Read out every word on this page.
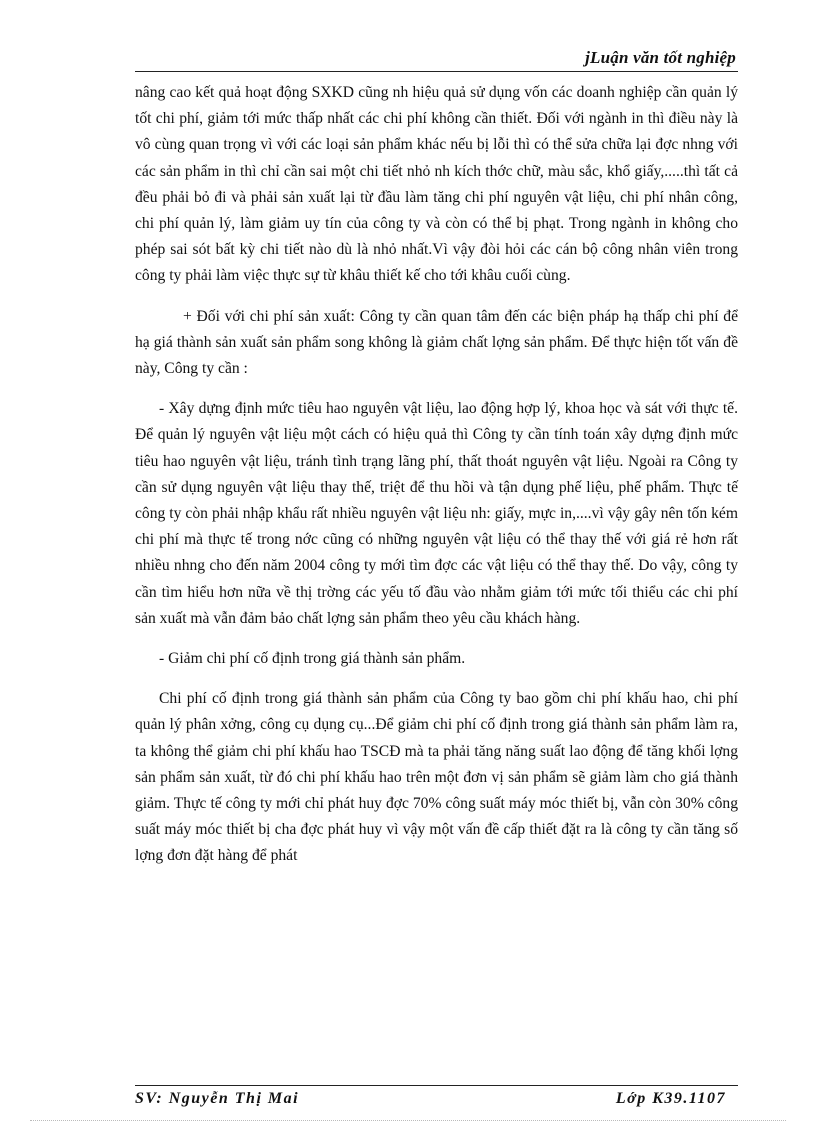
jLuận văn tốt nghiệp

nâng cao kết quả hoạt động SXKD cũng nh hiệu quả sử dụng vốn các doanh nghiệp cần quản lý tốt chi phí, giảm tới mức thấp nhất các chi phí không cần thiết. Đối với ngành in thì điều này là vô cùng quan trọng vì với các loại sản phẩm khác nếu bị lỗi thì có thể sửa chữa lại đợc nhng với các sản phẩm in thì chỉ cần sai một chi tiết nhỏ nh kích thớc chữ, màu sắc, khổ giấy,.....thì tất cả đều phải bỏ đi và phải sản xuất lại từ đầu làm tăng chi phí nguyên vật liệu, chi phí nhân công, chi phí quản lý, làm giảm uy tín của công ty và còn có thể bị phạt. Trong ngành in không cho phép sai sót bất kỳ chi tiết nào dù là nhỏ nhất.Vì vậy đòi hỏi các cán bộ công nhân viên trong công ty phải làm việc thực sự từ khâu thiết kế cho tới khâu cuối cùng.

+ Đối với chi phí sản xuất: Công ty cần quan tâm đến các biện pháp hạ thấp chi phí để hạ giá thành sản xuất sản phẩm song không là giảm chất lợng sản phẩm. Để thực hiện tốt vấn đề này, Công ty cần :

- Xây dựng định mức tiêu hao nguyên vật liệu, lao động hợp lý, khoa học và sát với thực tế. Để quản lý nguyên vật liệu một cách có hiệu quả thì Công ty cần tính toán xây dựng định mức tiêu hao nguyên vật liệu, tránh tình trạng lãng phí, thất thoát nguyên vật liệu. Ngoài ra Công ty cần sử dụng nguyên vật liệu thay thế, triệt để thu hồi và tận dụng phế liệu, phế phẩm. Thực tế công ty còn phải nhập khẩu rất nhiều nguyên vật liệu nh: giấy, mực in,....vì vậy gây nên tốn kém chi phí mà thực tế trong nớc cũng có những nguyên vật liệu có thể thay thế với giá rẻ hơn rất nhiều nhng cho đến năm 2004 công ty mới tìm đợc các vật liệu có thể thay thế. Do vậy, công ty cần tìm hiểu hơn nữa về thị trờng các yếu tố đầu vào nhằm giảm tới mức tối thiểu các chi phí sản xuất mà vẫn đảm bảo chất lợng sản phẩm theo yêu cầu khách hàng.

- Giảm chi phí cố định trong giá thành sản phẩm.

Chi phí cố định trong giá thành sản phẩm của Công ty bao gồm chi phí khấu hao, chi phí quản lý phân xởng, công cụ dụng cụ...Để giảm chi phí cố định trong giá thành sản phẩm làm ra, ta không thể giảm chi phí khấu hao TSCĐ mà ta phải tăng năng suất lao động để tăng khối lợng sản phẩm sản xuất, từ đó chi phí khấu hao trên một đơn vị sản phẩm sẽ giảm làm cho giá thành giảm. Thực tế công ty mới chỉ phát huy đợc 70% công suất máy móc thiết bị, vẫn còn 30% công suất máy móc thiết bị cha đợc phát huy vì vậy một vấn đề cấp thiết đặt ra là công ty cần tăng số lợng đơn đặt hàng để phát

SV: Nguyễn Thị Mai	Lớp K39.1107
